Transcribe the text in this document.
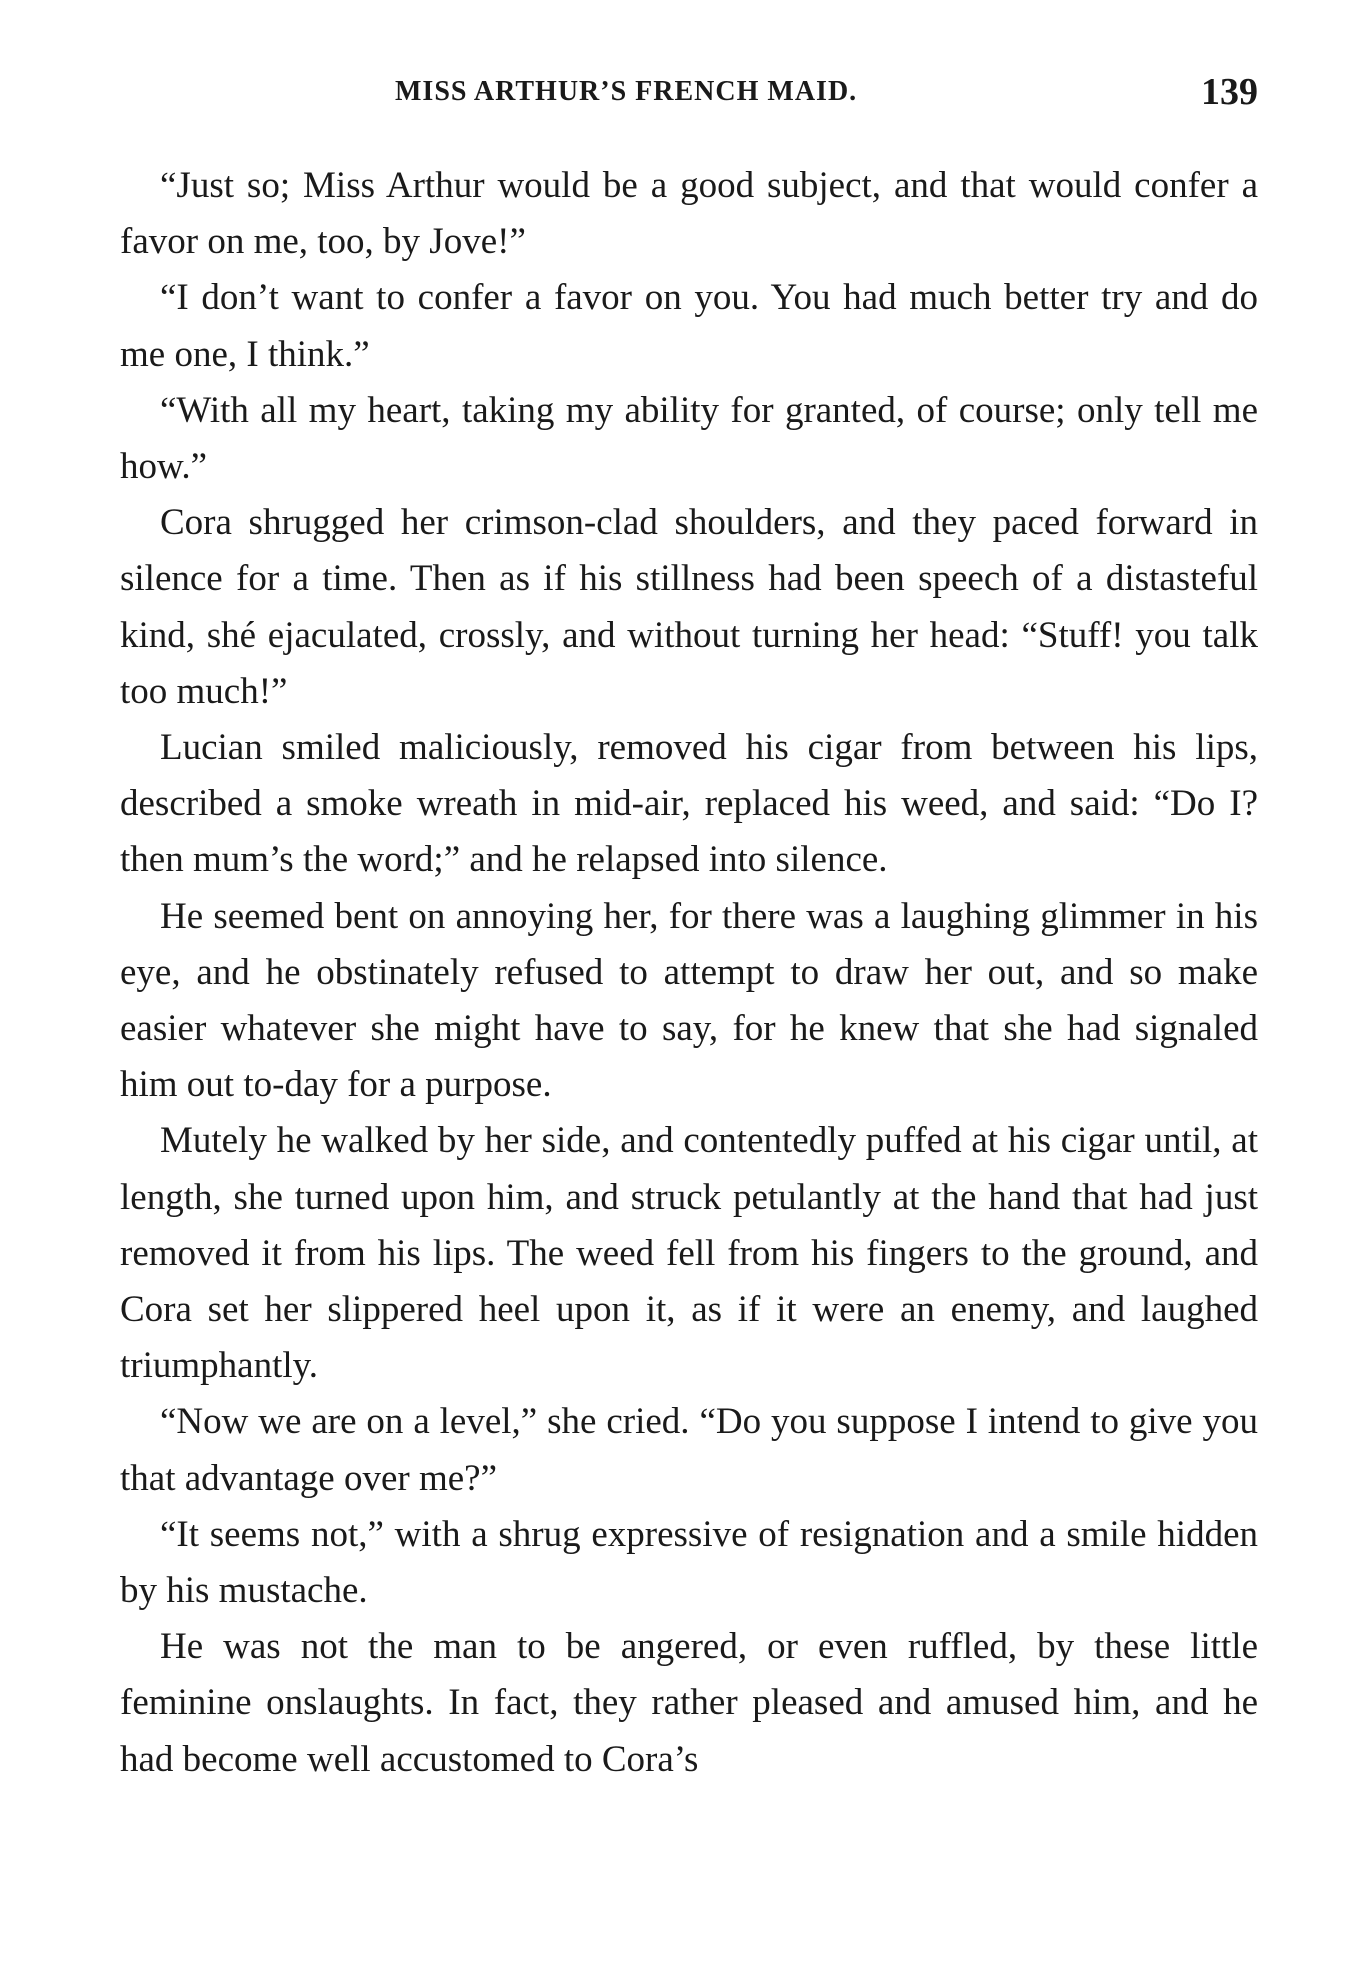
MISS ARTHUR’S FRENCH MAID.	139

“Just so; Miss Arthur would be a good subject, and that would confer a favor on me, too, by Jove!”

“I don’t want to confer a favor on you. You had much better try and do me one, I think.”

“With all my heart, taking my ability for granted, of course; only tell me how.”

Cora shrugged her crimson-clad shoulders, and they paced forward in silence for a time. Then as if his stillness had been speech of a distasteful kind, shé ejaculated, crossly, and without turning her head: “Stuff! you talk too much!”

Lucian smiled maliciously, removed his cigar from between his lips, described a smoke wreath in mid-air, replaced his weed, and said: “Do I? then mum’s the word;” and he relapsed into silence.

He seemed bent on annoying her, for there was a laughing glimmer in his eye, and he obstinately refused to attempt to draw her out, and so make easier whatever she might have to say, for he knew that she had signaled him out to-day for a purpose.

Mutely he walked by her side, and contentedly puffed at his cigar until, at length, she turned upon him, and struck petulantly at the hand that had just removed it from his lips. The weed fell from his fingers to the ground, and Cora set her slippered heel upon it, as if it were an enemy, and laughed triumphantly.

“Now we are on a level,” she cried. “Do you suppose I intend to give you that advantage over me?”

“It seems not,” with a shrug expressive of resignation and a smile hidden by his mustache.

He was not the man to be angered, or even ruffled, by these little feminine onslaughts. In fact, they rather pleased and amused him, and he had become well accustomed to Cora’s
